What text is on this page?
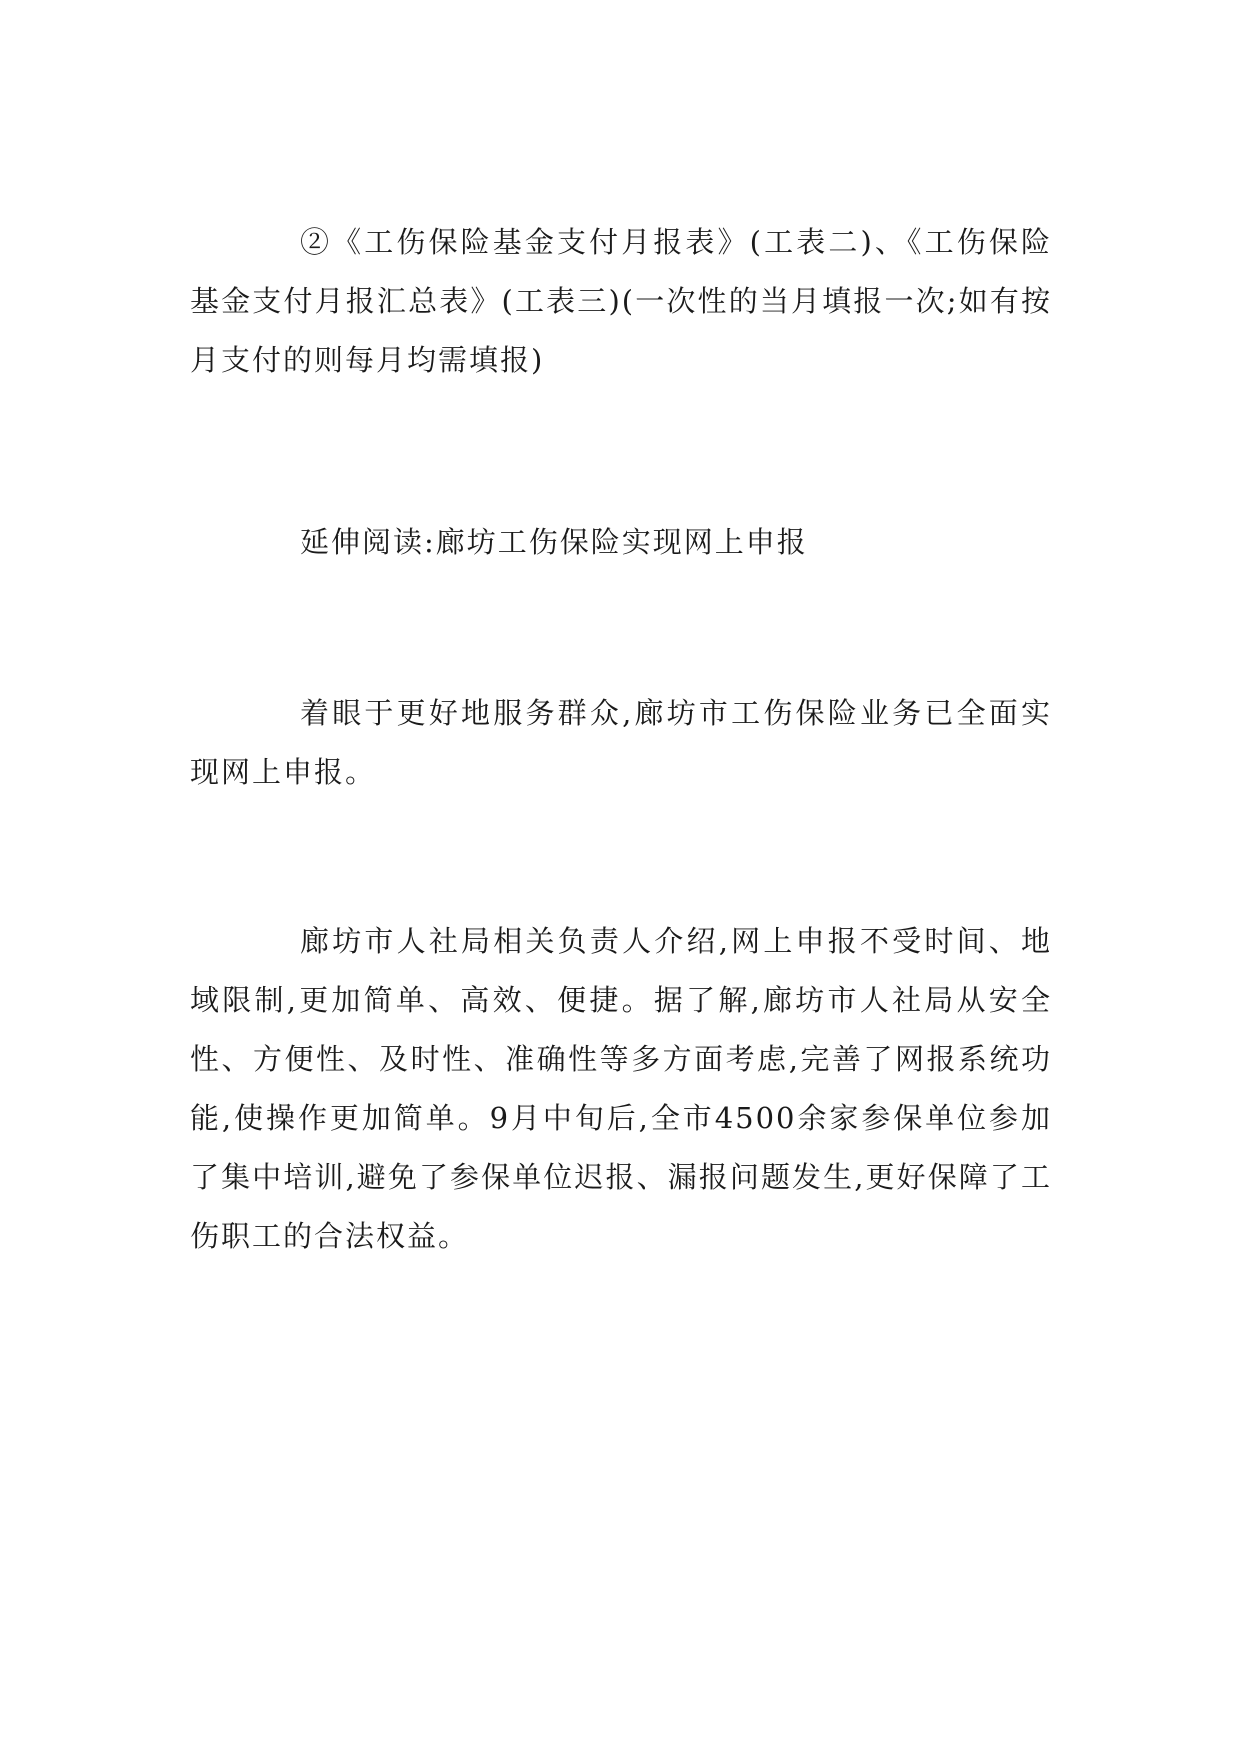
②《工伤保险基金支付月报表》(工表二)、《工伤保险基金支付月报汇总表》(工表三)(一次性的当月填报一次;如有按月支付的则每月均需填报)

延伸阅读:廊坊工伤保险实现网上申报

着眼于更好地服务群众,廊坊市工伤保险业务已全面实现网上申报。

廊坊市人社局相关负责人介绍,网上申报不受时间、地域限制,更加简单、高效、便捷。据了解,廊坊市人社局从安全性、方便性、及时性、准确性等多方面考虑,完善了网报系统功能,使操作更加简单。9月中旬后,全市4500余家参保单位参加了集中培训,避免了参保单位迟报、漏报问题发生,更好保障了工伤职工的合法权益。
